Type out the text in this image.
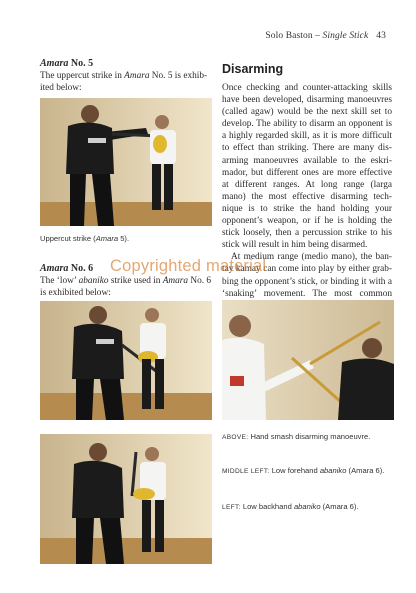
Solo Baston – Single Stick 43

Amara No. 5

The uppercut strike in Amara No. 5 is exhibited below:

Uppercut strike (Amara 5).

Amara No. 6

The ‘low’ abaniko strike used in Amara No. 6 is exhibited below:

Disarming

Once checking and counter-attacking skills have been developed, disarming manoeuvres (called agaw) would be the next skill set to develop. The ability to disarm an opponent is a highly regarded skill, as it is more difficult to effect than striking. There are many disarming manoeuvres available to the eskrimador, but different ones are more effective at different ranges. At long range (larga mano) the most effective disarming technique is to strike the hand holding your opponent’s weapon, or if he is holding the stick loosely, then a percussion strike to his stick will result in him being disarmed.

At medium range (medio mano), the bantay kamay can come into play by either grabbing the opponent’s stick, or binding it with a ‘snaking’ movement. The most common

ABOVE: Hand smash disarming manoeuvre.
MIDDLE LEFT: Low forehand abaniko (Amara 6).
LEFT: Low backhand abaniko (Amara 6).
Copyrighted material
